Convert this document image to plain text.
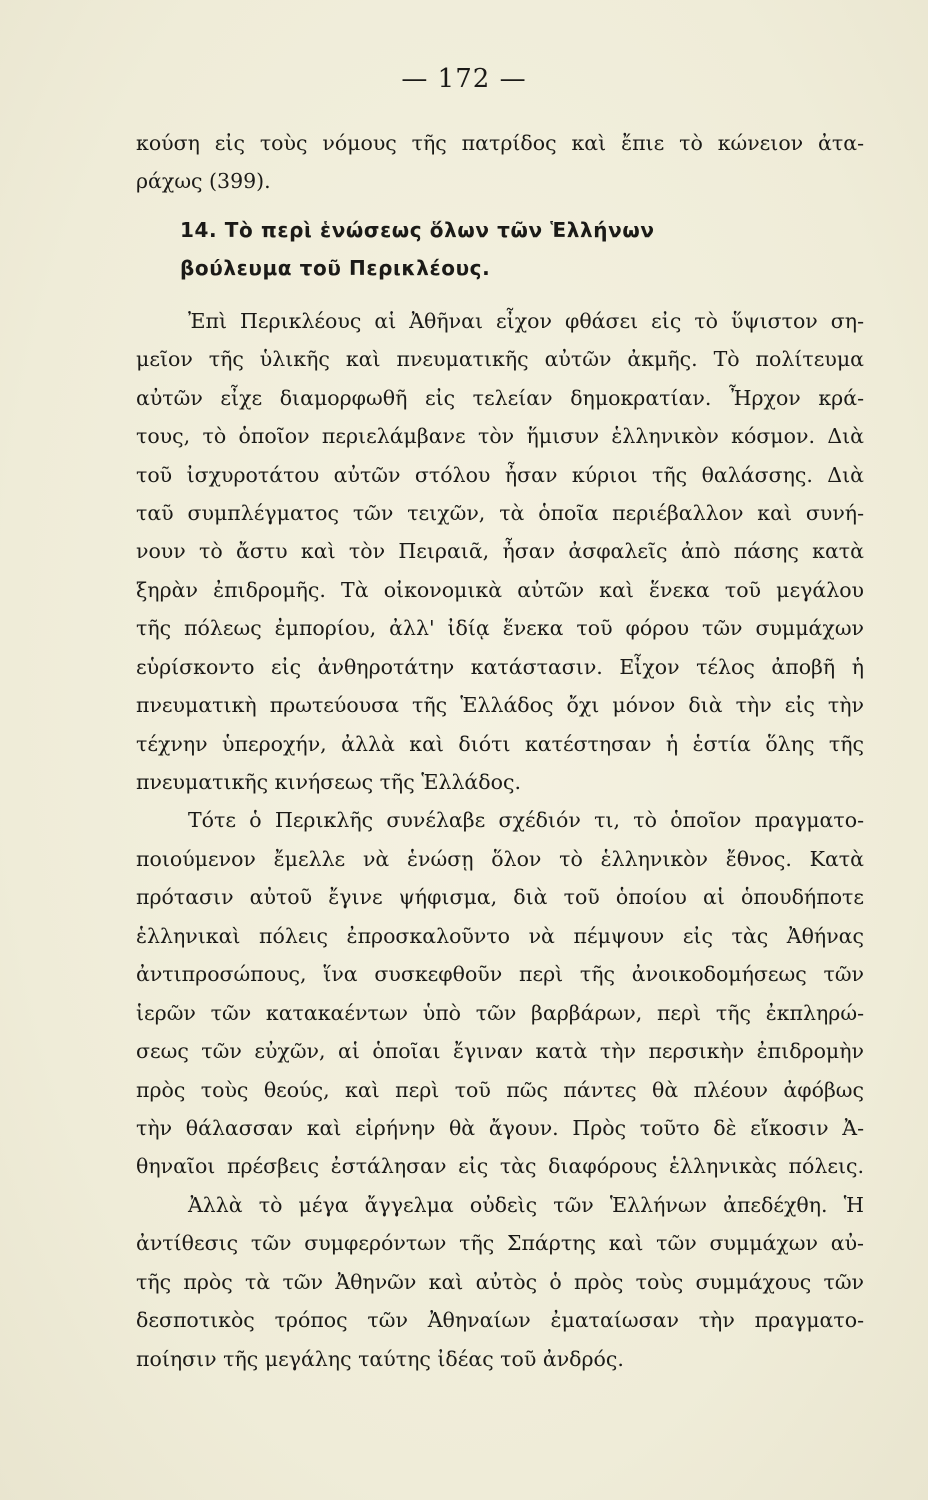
— 172 —
κούση εἰς τοὺς νόμους τῆς πατρίδος καὶ ἔπιε τὸ κώνειον ἀτα-
ράχως (399).
14. Τὸ περὶ ἑνώσεως ὅλων τῶν Ἑλλήνων
βούλευμα τοῦ Περικλέους.
Ἐπὶ Περικλέους αἱ Ἀθῆναι εἶχον φθάσει εἰς τὸ ὕψιστον ση-
μεῖον τῆς ὑλικῆς καὶ πνευματικῆς αὐτῶν ἀκμῆς. Τὸ πολίτευμα
αὐτῶν εἶχε διαμορφωθῆ εἰς τελείαν δημοκρατίαν. Ἦρχον κρά-
τους, τὸ ὁποῖον περιελάμβανε τὸν ἥμισυν ἑλληνικὸν κόσμον. Διὰ
τοῦ ἰσχυροτάτου αὐτῶν στόλου ἦσαν κύριοι τῆς θαλάσσης. Διὰ
ταῦ συμπλέγματος τῶν τειχῶν, τὰ ὁποῖα περιέβαλλον καὶ συνή-
νουν τὸ ἄστυ καὶ τὸν Πειραιᾶ, ἦσαν ἀσφαλεῖς ἀπὸ πάσης κατὰ
ξηρὰν ἐπιδρομῆς. Τὰ οἰκονομικὰ αὐτῶν καὶ ἕνεκα τοῦ μεγάλου
τῆς πόλεως ἐμπορίου, ἀλλ' ἰδίᾳ ἕνεκα τοῦ φόρου τῶν συμμάχων
εὑρίσκοντο εἰς ἀνθηροτάτην κατάστασιν. Εἶχον τέλος ἀποβῆ ἡ
πνευματικὴ πρωτεύουσα τῆς Ἑλλάδος ὄχι μόνον διὰ τὴν εἰς τὴν
τέχνην ὑπεροχήν, ἀλλὰ καὶ διότι κατέστησαν ἡ ἑστία ὅλης τῆς
πνευματικῆς κινήσεως τῆς Ἑλλάδος.
Τότε ὁ Περικλῆς συνέλαβε σχέδιόν τι, τὸ ὁποῖον πραγματο-
ποιούμενον ἔμελλε νὰ ἑνώσῃ ὅλον τὸ ἑλληνικὸν ἔθνος. Κατὰ
πρότασιν αὐτοῦ ἔγινε ψήφισμα, διὰ τοῦ ὁποίου αἱ ὁπουδήποτε
ἑλληνικαὶ πόλεις ἐπροσκαλοῦντο νὰ πέμψουν εἰς τὰς Ἀθήνας
ἀντιπροσώπους, ἵνα συσκεφθοῦν περὶ τῆς ἀνοικοδομήσεως τῶν
ἱερῶν τῶν κατακαέντων ὑπὸ τῶν βαρβάρων, περὶ τῆς ἐκπληρώ-
σεως τῶν εὐχῶν, αἱ ὁποῖαι ἔγιναν κατὰ τὴν περσικὴν ἐπιδρομὴν
πρὸς τοὺς θεούς, καὶ περὶ τοῦ πῶς πάντες θὰ πλέουν ἀφόβως
τὴν θάλασσαν καὶ εἰρήνην θὰ ἄγουν. Πρὸς τοῦτο δὲ εἴκοσιν Ἀ-
θηναῖοι πρέσβεις ἐστάλησαν εἰς τὰς διαφόρους ἑλληνικὰς πόλεις.
Ἀλλὰ τὸ μέγα ἄγγελμα οὐδεὶς τῶν Ἑλλήνων ἀπεδέχθη. Ἡ
ἀντίθεσις τῶν συμφερόντων τῆς Σπάρτης καὶ τῶν συμμάχων αὐ-
τῆς πρὸς τὰ τῶν Ἀθηνῶν καὶ αὐτὸς ὁ πρὸς τοὺς συμμάχους τῶν
δεσποτικὸς τρόπος τῶν Ἀθηναίων ἐματαίωσαν τὴν πραγματο-
ποίησιν τῆς μεγάλης ταύτης ἰδέας τοῦ ἀνδρός.
